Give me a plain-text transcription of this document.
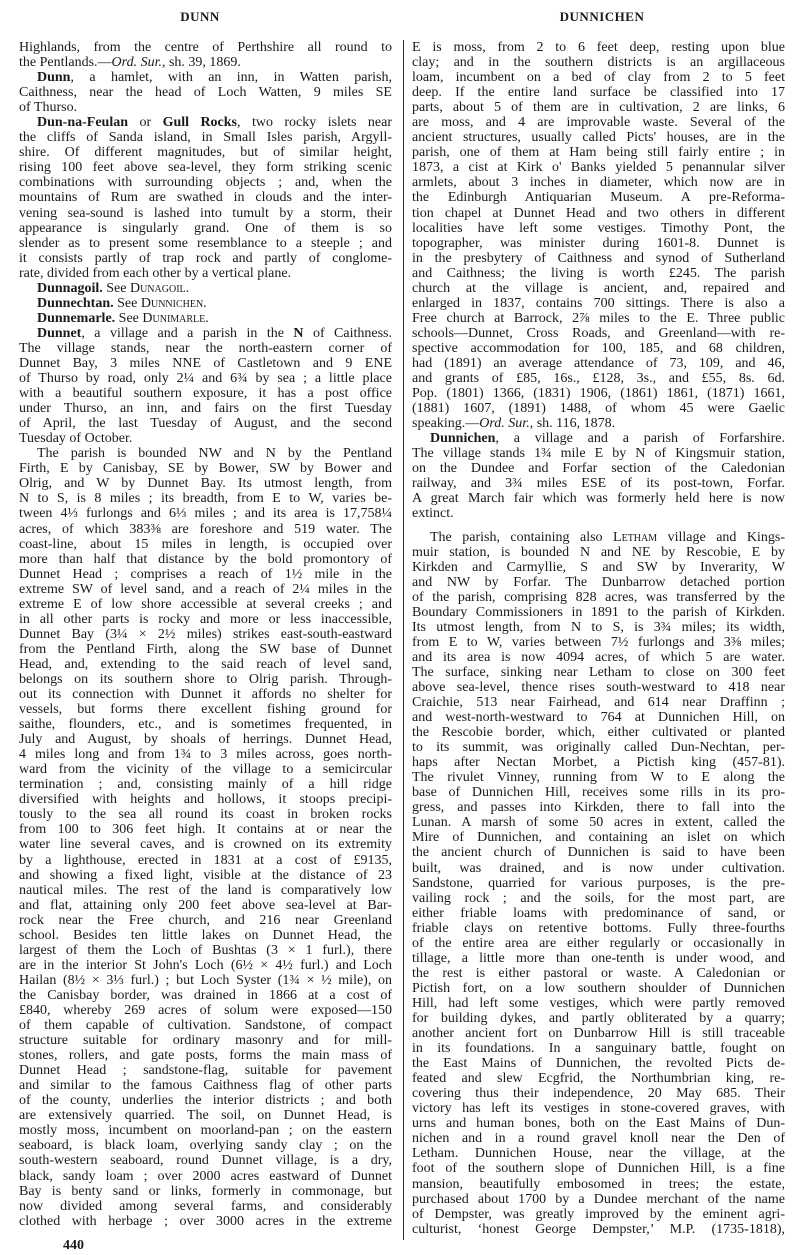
DUNN	DUNNICHEN
Highlands, from the centre of Perthshire all round to
the Pentlands.—Ord. Sur., sh. 39, 1869.
Dunn, a hamlet, with an inn, in Watten parish,
Caithness, near the head of Loch Watten, 9 miles SE
of Thurso.
Dun-na-Feulan or Gull Rocks, two rocky islets near
the cliffs of Sanda island, in Small Isles parish, Argyll-
shire. Of different magnitudes, but of similar height,
rising 100 feet above sea-level, they form striking scenic
combinations with surrounding objects ; and, when the
mountains of Rum are swathed in clouds and the inter-
vening sea-sound is lashed into tumult by a storm, their
appearance is singularly grand. One of them is so
slender as to present some resemblance to a steeple ; and
it consists partly of trap rock and partly of conglome-
rate, divided from each other by a vertical plane.
Dunnagoil. See Dunagoil.
Dunnechtan. See Dunnichen.
Dunnemarle. See Dunimarle.
Dunnet, a village and a parish in the N of Caithness.
The village stands, near the north-eastern corner of
Dunnet Bay, 3 miles NNE of Castletown and 9 ENE
of Thurso by road, only 2¼ and 6¾ by sea ; a little place
with a beautiful southern exposure, it has a post office
under Thurso, an inn, and fairs on the first Tuesday
of April, the last Tuesday of August, and the second
Tuesday of October.
The parish is bounded NW and N by the Pentland
Firth, E by Canisbay, SE by Bower, SW by Bower and
Olrig, and W by Dunnet Bay. Its utmost length, from
N to S, is 8 miles ; its breadth, from E to W, varies be-
tween 4⅓ furlongs and 6⅓ miles ; and its area is 17,758¼
acres, of which 383⅜ are foreshore and 519 water. The
coast-line, about 15 miles in length, is occupied over
more than half that distance by the bold promontory of
Dunnet Head ; comprises a reach of 1½ mile in the
extreme SW of level sand, and a reach of 2¼ miles in the
extreme E of low shore accessible at several creeks ; and
in all other parts is rocky and more or less inaccessible,
Dunnet Bay (3¼ × 2½ miles) strikes east-south-eastward
from the Pentland Firth, along the SW base of Dunnet
Head, and, extending to the said reach of level sand,
belongs on its southern shore to Olrig parish. Through-
out its connection with Dunnet it affords no shelter for
vessels, but forms there excellent fishing ground for
saithe, flounders, etc., and is sometimes frequented, in
July and August, by shoals of herrings. Dunnet Head,
4 miles long and from 1¾ to 3 miles across, goes north-
ward from the vicinity of the village to a semicircular
termination ; and, consisting mainly of a hill ridge
diversified with heights and hollows, it stoops precipi-
tously to the sea all round its coast in broken rocks
from 100 to 306 feet high. It contains at or near the
water line several caves, and is crowned on its extremity
by a lighthouse, erected in 1831 at a cost of £9135,
and showing a fixed light, visible at the distance of 23
nautical miles. The rest of the land is comparatively low
and flat, attaining only 200 feet above sea-level at Bar-
rock near the Free church, and 216 near Greenland
school. Besides ten little lakes on Dunnet Head, the
largest of them the Loch of Bushtas (3 × 1 furl.), there
are in the interior St John's Loch (6½ × 4½ furl.) and Loch
Hailan (8½ × 3⅓ furl.) ; but Loch Syster (1¾ × ½ mile), on
the Canisbay border, was drained in 1866 at a cost of
£840, whereby 269 acres of solum were exposed—150
of them capable of cultivation. Sandstone, of compact
structure suitable for ordinary masonry and for mill-
stones, rollers, and gate posts, forms the main mass of
Dunnet Head ; sandstone-flag, suitable for pavement
and similar to the famous Caithness flag of other parts
of the county, underlies the interior districts ; and both
are extensively quarried. The soil, on Dunnet Head, is
mostly moss, incumbent on moorland-pan ; on the eastern
seaboard, is black loam, overlying sandy clay ; on the
south-western seaboard, round Dunnet village, is a dry,
black, sandy loam ; over 2000 acres eastward of Dunnet
Bay is benty sand or links, formerly in commonage, but
now divided among several farms, and considerably
clothed with herbage ; over 3000 acres in the extreme
E is moss, from 2 to 6 feet deep, resting upon blue
clay; and in the southern districts is an argillaceous
loam, incumbent on a bed of clay from 2 to 5 feet
deep. If the entire land surface be classified into 17
parts, about 5 of them are in cultivation, 2 are links, 6
are moss, and 4 are improvable waste. Several of the
ancient structures, usually called Picts' houses, are in the
parish, one of them at Ham being still fairly entire ; in
1873, a cist at Kirk o' Banks yielded 5 penannular silver
armlets, about 3 inches in diameter, which now are in
the Edinburgh Antiquarian Museum. A pre-Reforma-
tion chapel at Dunnet Head and two others in different
localities have left some vestiges. Timothy Pont, the
topographer, was minister during 1601-8. Dunnet is
in the presbytery of Caithness and synod of Sutherland
and Caithness; the living is worth £245. The parish
church at the village is ancient, and, repaired and
enlarged in 1837, contains 700 sittings. There is also a
Free church at Barrock, 2⅞ miles to the E. Three public
schools—Dunnet, Cross Roads, and Greenland—with re-
spective accommodation for 100, 185, and 68 children,
had (1891) an average attendance of 73, 109, and 46,
and grants of £85, 16s., £128, 3s., and £55, 8s. 6d.
Pop. (1801) 1366, (1831) 1906, (1861) 1861, (1871) 1661,
(1881) 1607, (1891) 1488, of whom 45 were Gaelic
speaking.—Ord. Sur., sh. 116, 1878.
Dunnichen, a village and a parish of Forfarshire.
The village stands 1¾ mile E by N of Kingsmuir station,
on the Dundee and Forfar section of the Caledonian
railway, and 3¾ miles ESE of its post-town, Forfar.
A great March fair which was formerly held here is now
extinct.
The parish, containing also Letham village and Kings-
muir station, is bounded N and NE by Rescobie, E by
Kirkden and Carmyllie, S and SW by Inverarity, W
and NW by Forfar. The Dunbarrow detached portion
of the parish, comprising 828 acres, was transferred by the
Boundary Commissioners in 1891 to the parish of Kirkden.
Its utmost length, from N to S, is 3¾ miles; its width,
from E to W, varies between 7½ furlongs and 3⅜ miles;
and its area is now 4094 acres, of which 5 are water.
The surface, sinking near Letham to close on 300 feet
above sea-level, thence rises south-westward to 418 near
Craichie, 513 near Fairhead, and 614 near Draffinn ;
and west-north-westward to 764 at Dunnichen Hill, on
the Rescobie border, which, either cultivated or planted
to its summit, was originally called Dun-Nechtan, per-
haps after Nectan Morbet, a Pictish king (457-81).
The rivulet Vinney, running from W to E along the
base of Dunnichen Hill, receives some rills in its pro-
gress, and passes into Kirkden, there to fall into the
Lunan. A marsh of some 50 acres in extent, called the
Mire of Dunnichen, and containing an islet on which
the ancient church of Dunnichen is said to have been
built, was drained, and is now under cultivation.
Sandstone, quarried for various purposes, is the pre-
vailing rock ; and the soils, for the most part, are
either friable loams with predominance of sand, or
friable clays on retentive bottoms. Fully three-fourths
of the entire area are either regularly or occasionally in
tillage, a little more than one-tenth is under wood, and
the rest is either pastoral or waste. A Caledonian or
Pictish fort, on a low southern shoulder of Dunnichen
Hill, had left some vestiges, which were partly removed
for building dykes, and partly obliterated by a quarry;
another ancient fort on Dunbarrow Hill is still traceable
in its foundations. In a sanguinary battle, fought on
the East Mains of Dunnichen, the revolted Picts de-
feated and slew Ecgfrid, the Northumbrian king, re-
covering thus their independence, 20 May 685. Their
victory has left its vestiges in stone-covered graves, with
urns and human bones, both on the East Mains of Dun-
nichen and in a round gravel knoll near the Den of
Letham. Dunnichen House, near the village, at the
foot of the southern slope of Dunnichen Hill, is a fine
mansion, beautifully embosomed in trees; the estate,
purchased about 1700 by a Dundee merchant of the name
of Dempster, was greatly improved by the eminent agri-
culturist, ‘honest George Dempster,’ M.P. (1735-1818),
440
